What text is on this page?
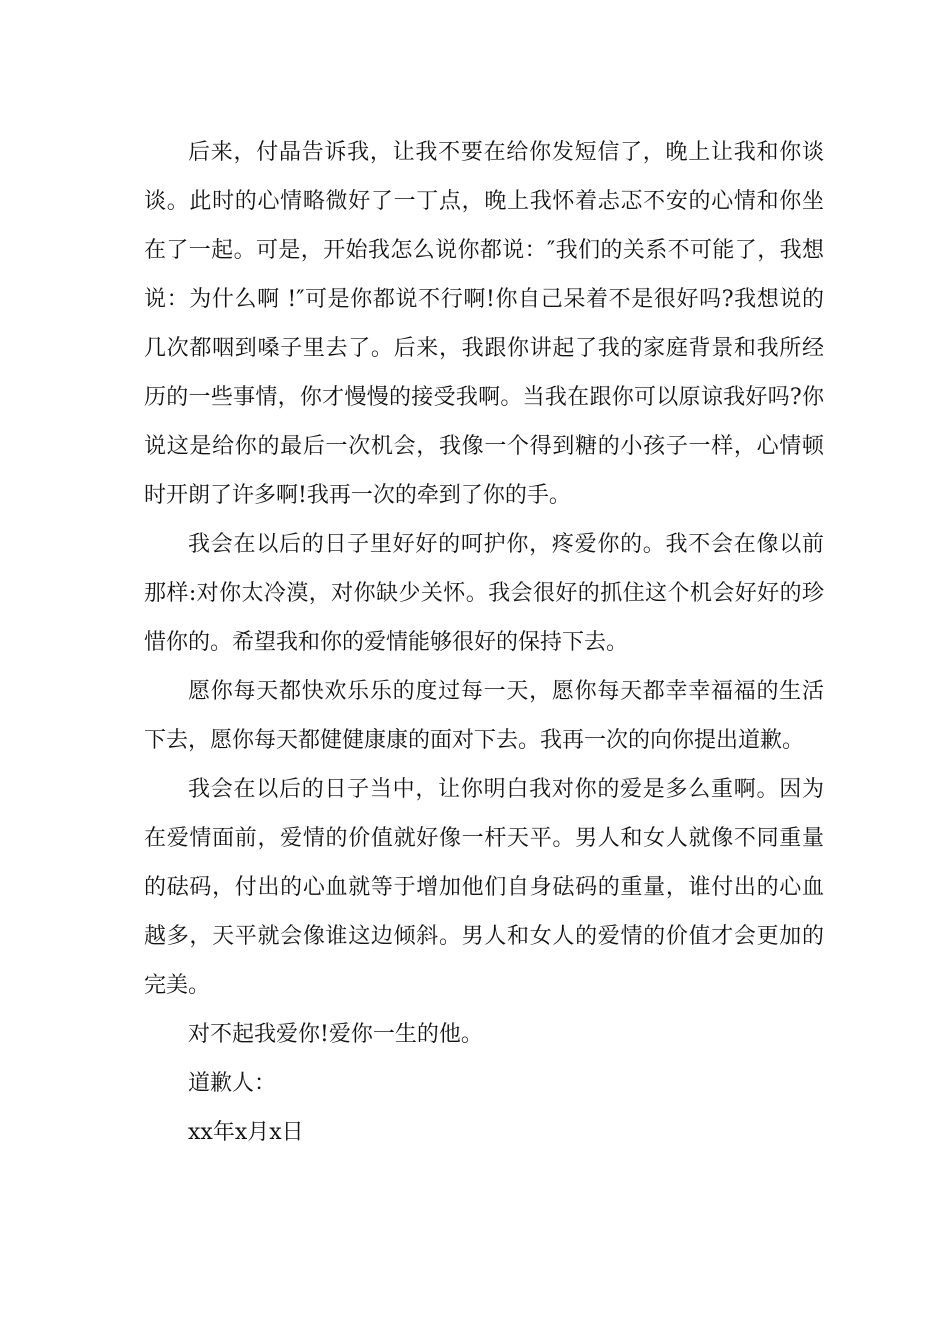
后来，付晶告诉我，让我不要在给你发短信了，晚上让我和你谈谈。此时的心情略微好了一丁点，晚上我怀着忐忑不安的心情和你坐在了一起。可是，开始我怎么说你都说：″我们的关系不可能了，我想说：为什么啊 !″可是你都说不行啊!你自己呆着不是很好吗?我想说的几次都咽到嗓子里去了。后来，我跟你讲起了我的家庭背景和我所经历的一些事情，你才慢慢的接受我啊。当我在跟你可以原谅我好吗?你说这是给你的最后一次机会，我像一个得到糖的小孩子一样，心情顿时开朗了许多啊!我再一次的牵到了你的手。

我会在以后的日子里好好的呵护你，疼爱你的。我不会在像以前那样:对你太冷漠，对你缺少关怀。我会很好的抓住这个机会好好的珍惜你的。希望我和你的爱情能够很好的保持下去。

愿你每天都快欢乐乐的度过每一天，愿你每天都幸幸福福的生活下去，愿你每天都健健康康的面对下去。我再一次的向你提出道歉。

我会在以后的日子当中，让你明白我对你的爱是多么重啊。因为在爱情面前，爱情的价值就好像一杆天平。男人和女人就像不同重量的砝码，付出的心血就等于增加他们自身砝码的重量，谁付出的心血越多，天平就会像谁这边倾斜。男人和女人的爱情的价值才会更加的完美。

对不起我爱你!爱你一生的他。

道歉人：

xx年x月x日
